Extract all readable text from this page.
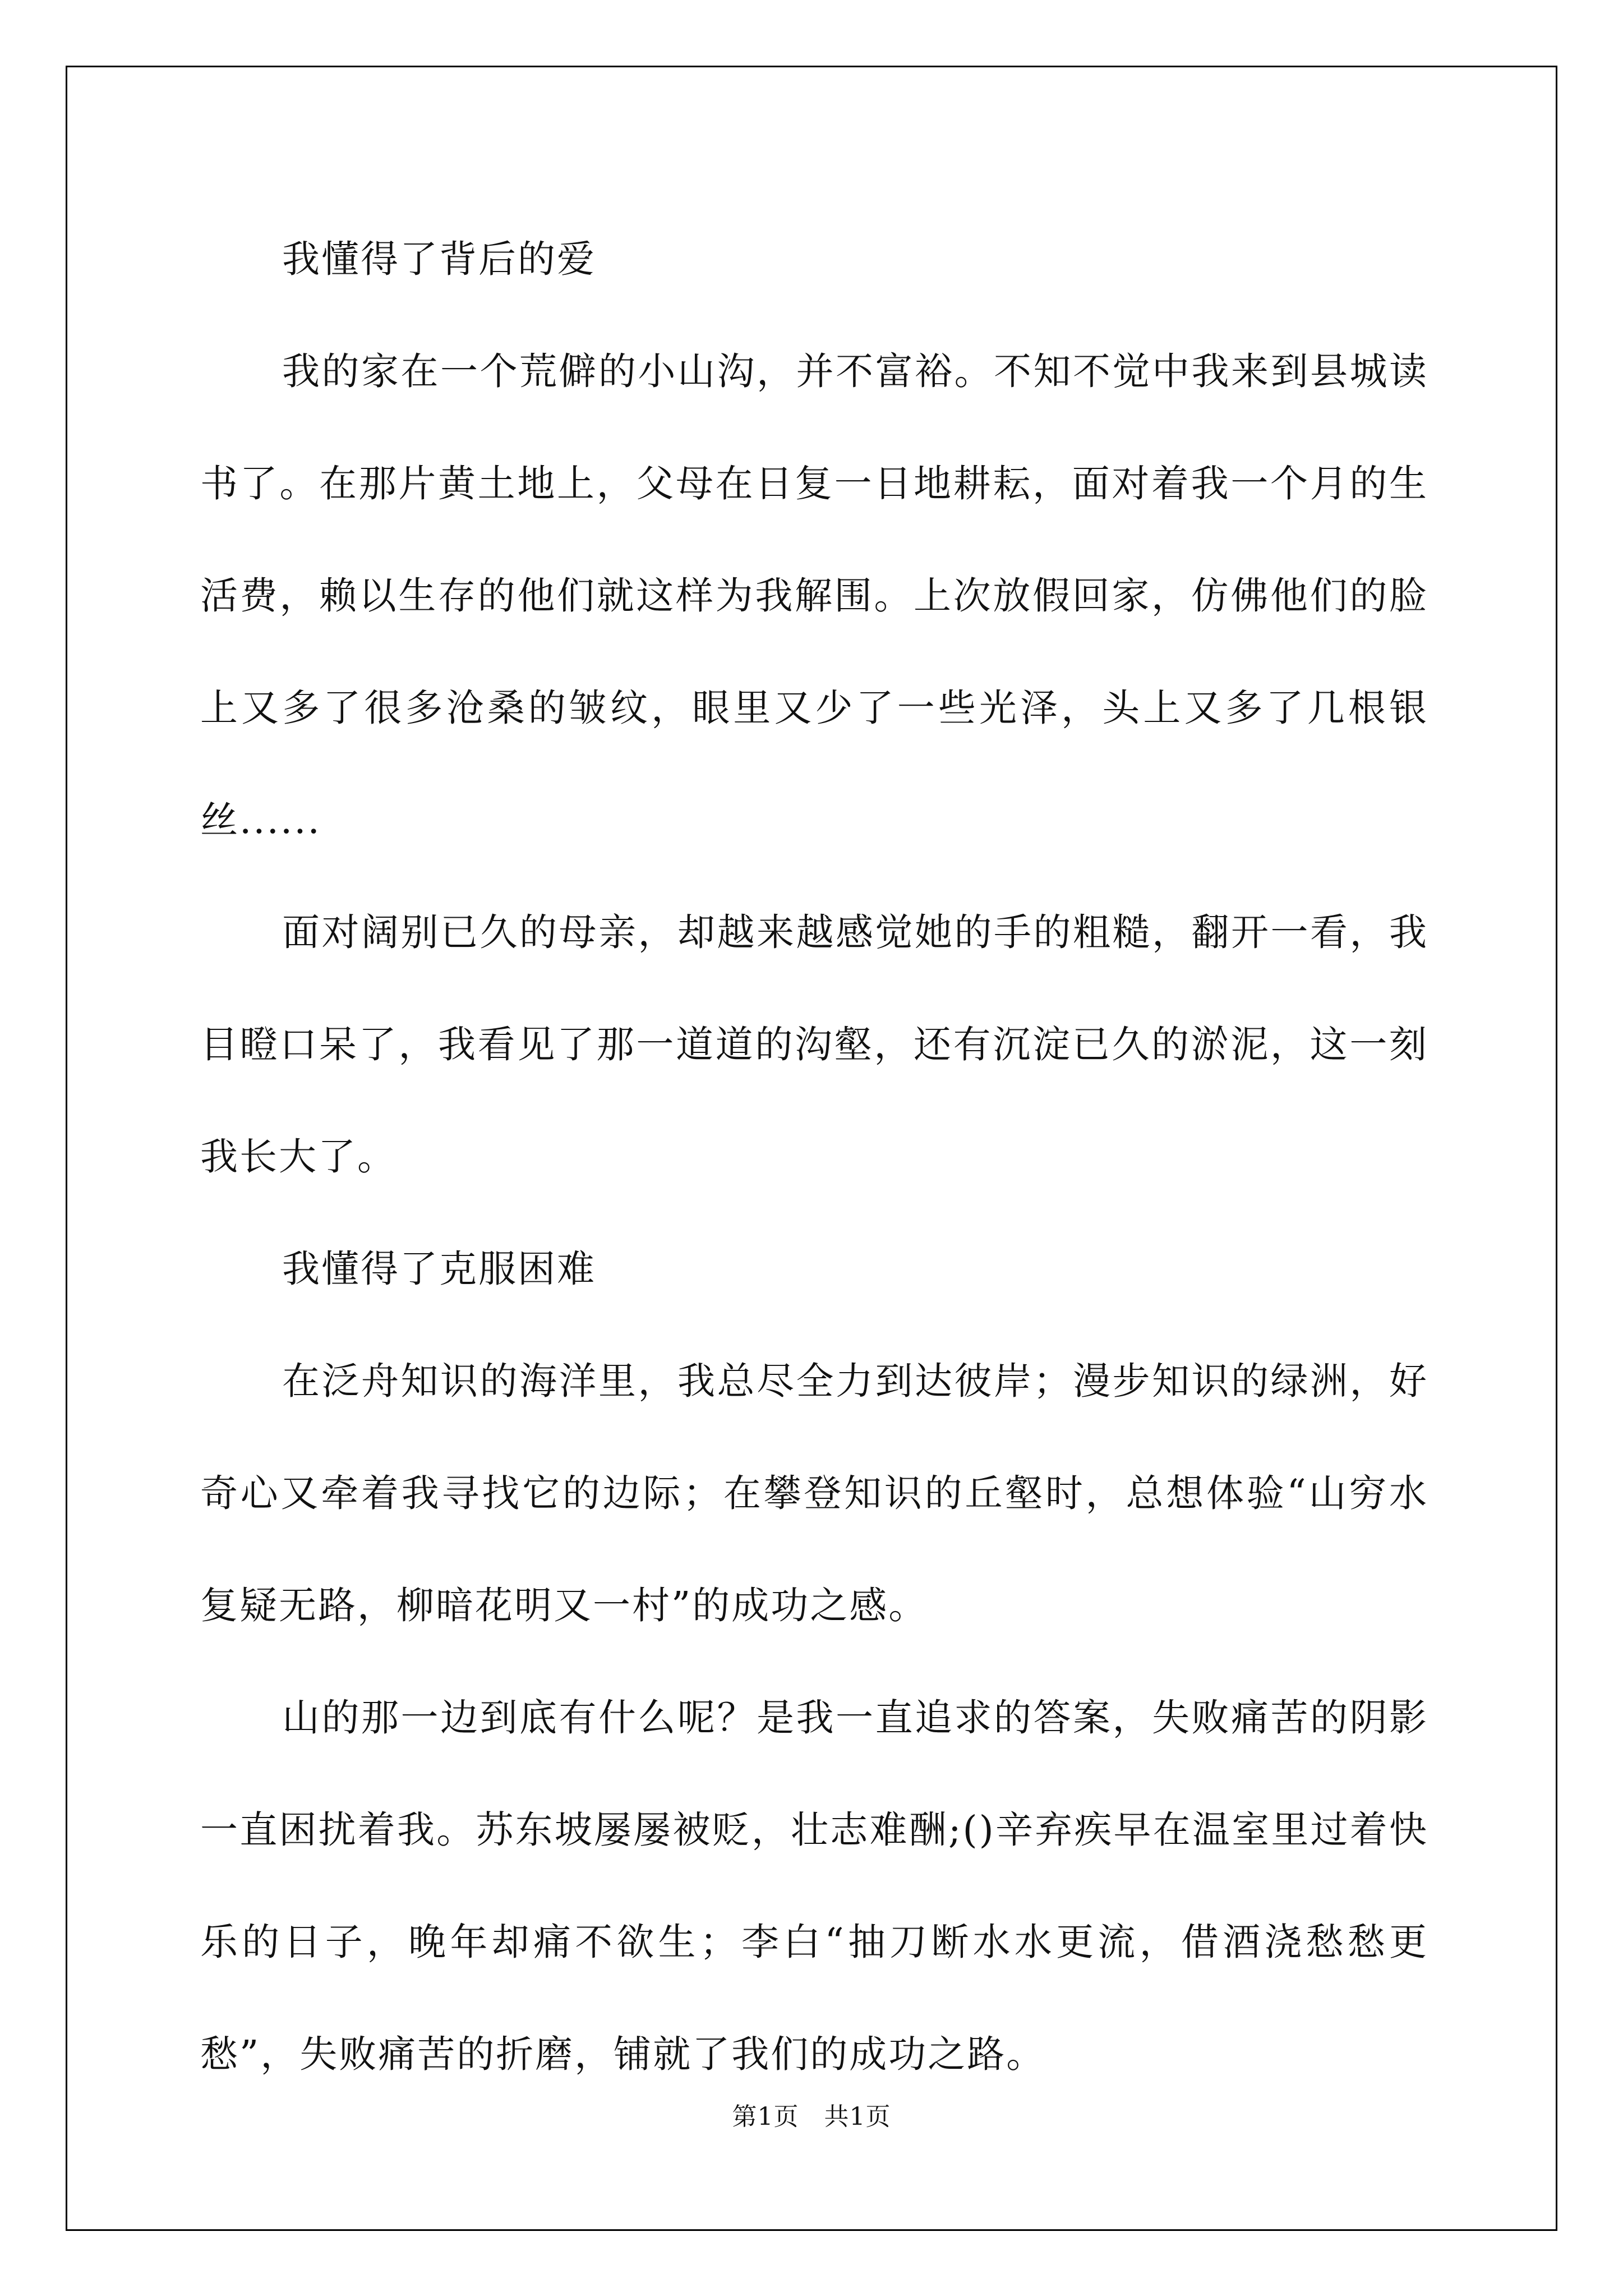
我懂得了背后的爱

我的家在一个荒僻的小山沟，并不富裕。不知不觉中我来到县城读书了。在那片黄土地上，父母在日复一日地耕耘，面对着我一个月的生活费，赖以生存的他们就这样为我解围。上次放假回家，仿佛他们的脸上又多了很多沧桑的皱纹，眼里又少了一些光泽，头上又多了几根银丝......

面对阔别已久的母亲，却越来越感觉她的手的粗糙，翻开一看，我目瞪口呆了，我看见了那一道道的沟壑，还有沉淀已久的淤泥，这一刻我长大了。

我懂得了克服困难

在泛舟知识的海洋里，我总尽全力到达彼岸；漫步知识的绿洲，好奇心又牵着我寻找它的边际；在攀登知识的丘壑时，总想体验“山穷水复疑无路，柳暗花明又一村”的成功之感。

山的那一边到底有什么呢？是我一直追求的答案，失败痛苦的阴影一直困扰着我。苏东坡屡屡被贬，壮志难酬;()辛弃疾早在温室里过着快乐的日子，晚年却痛不欲生；李白“抽刀断水水更流，借酒浇愁愁更愁”，失败痛苦的折磨，铺就了我们的成功之路。

第1页　共1页
